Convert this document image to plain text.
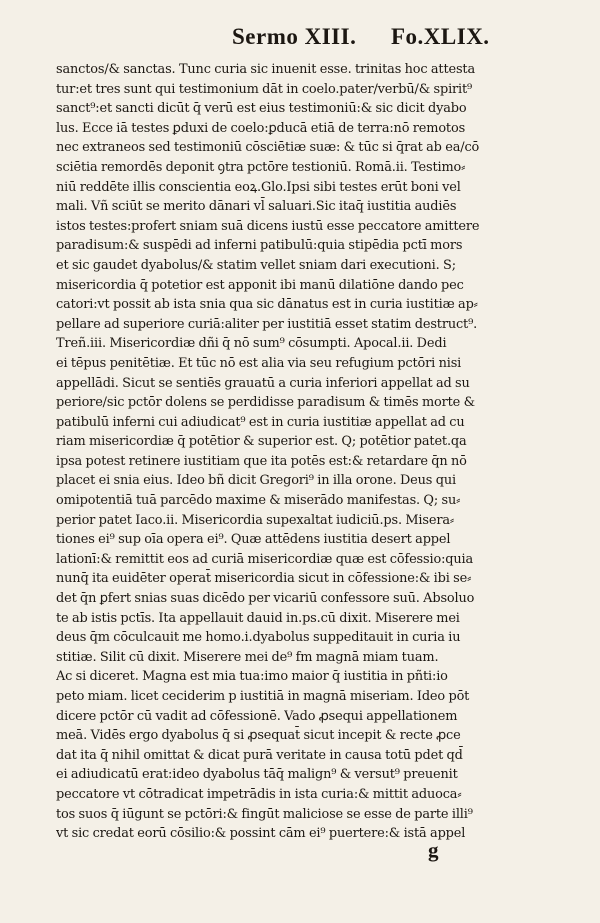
Sermo XIII. Fo.XLIX.
sanctos/& sanctas. Tunc curia sic inuenit esse. trinitas hoc attesta
tur:et tres sunt qui testimonium dāt in coelo.pater/verbū/& spirit⁹
sanct⁹:et sancti dicūt q̄ verū est eius testimoniū:& sic dicit dyabo
lus. Ecce iā testes ꝑduxi de coelo:ꝑducā etiā de terra:nō remotos
nec extraneos sed testimoniū cōsciētiæ suæ: & tūc si q̄rat ab ea/cō
sciētia remordēs deponit ꝯtra pctōre testioniū. Romā.ii. Testimo⸗
niū reddēte illis conscientia eoꝝ.Glo.Ipsi sibi testes erūt boni vel
mali. Vñ sciūt se merito dānari vl̄ saluari.Sic itaq̄ iustitia audiēs
istos testes:profert sniam suā dicens iustū esse peccatore amittere
paradisum:& suspēdi ad inferni patibulū:quia stipēdia pctī mors
et sic gaudet dyabolus/& statim vellet sniam dari executioni. S;
misericordia q̄ potetior est apponit ibi manū dilatiōne dando pec
catori:vt possit ab ista snia qua sic dānatus est in curia iustitiæ ap⸗
pellare ad superiore curiā:aliter per iustitiā esset statim destruct⁹.
Treñ.iii. Misericordiæ dñi q̄ nō sum⁹ cōsumpti. Apocal.ii. Dedi
ei tēpus penitētiæ. Et tūc nō est alia via seu refugium pctōri nisi
appellādi. Sicut se sentiēs grauatū a curia inferiori appellat ad su
periore/sic pctōr dolens se perdidisse paradisum & timēs morte &
patibulū inferni cui adiudicat⁹ est in curia iustitiæ appellat ad cu
riam misericordiæ q̄ potētior & superior est. Q; potētior patet.qa
ipsa potest retinere iustitiam que ita potēs est:& retardare q̄n nō
placet ei snia eius. Ideo bñ dicit Gregori⁹ in illa orone. Deus qui
omipotentiā tuā parcēdo maxime & miserādo manifestas. Q; su⸗
perior patet Iaco.ii. Misericordia supexaltat iudiciū.ps. Misera⸗
tiones ei⁹ sup oīa opera ei⁹. Quæ attēdens iustitia desert appel
lationī:& remittit eos ad curiā misericordiæ quæ est cōfessio:quia
nunq̄ ita euidēter operat̄ misericordia sicut in cōfessione:& ibi se⸗
det q̄n ꝑfert snias suas dicēdo per vicariū confessore suū. Absoluo
te ab istis pctīs. Ita appellauit dauid in.ps.cū dixit. Miserere mei
deus q̄m cōculcauit me homo.i.dyabolus suppeditauit in curia iu
stitiæ. Silit cū dixit. Miserere mei de⁹ fm magnā miam tuam.
Ac si diceret. Magna est mia tua:imo maior q̄ iustitia in pñti:io
peto miam. licet ceciderim p iustitiā in magnā miseriam. Ideo pōt
dicere pctōr cū vadit ad cōfessionē. Vado ꝓsequi appellationem
meā. Vidēs ergo dyabolus q̄ si ꝓsequat̄ sicut incepit & recte ꝓce
dat ita q̄ nihil omittat & dicat purā veritate in causa totū pdet qd̄
ei adiudicatū erat:ideo dyabolus tāq̄ malign⁹ & versut⁹ preuenit
peccatore vt cōtradicat impetrādis in ista curia:& mittit aduoca⸗
tos suos q̄ iūgunt se pctōri:& fingūt maliciose se esse de parte illi⁹
vt sic credat eorū cōsilio:& possint cām ei⁹ puertere:& istā appel
g
